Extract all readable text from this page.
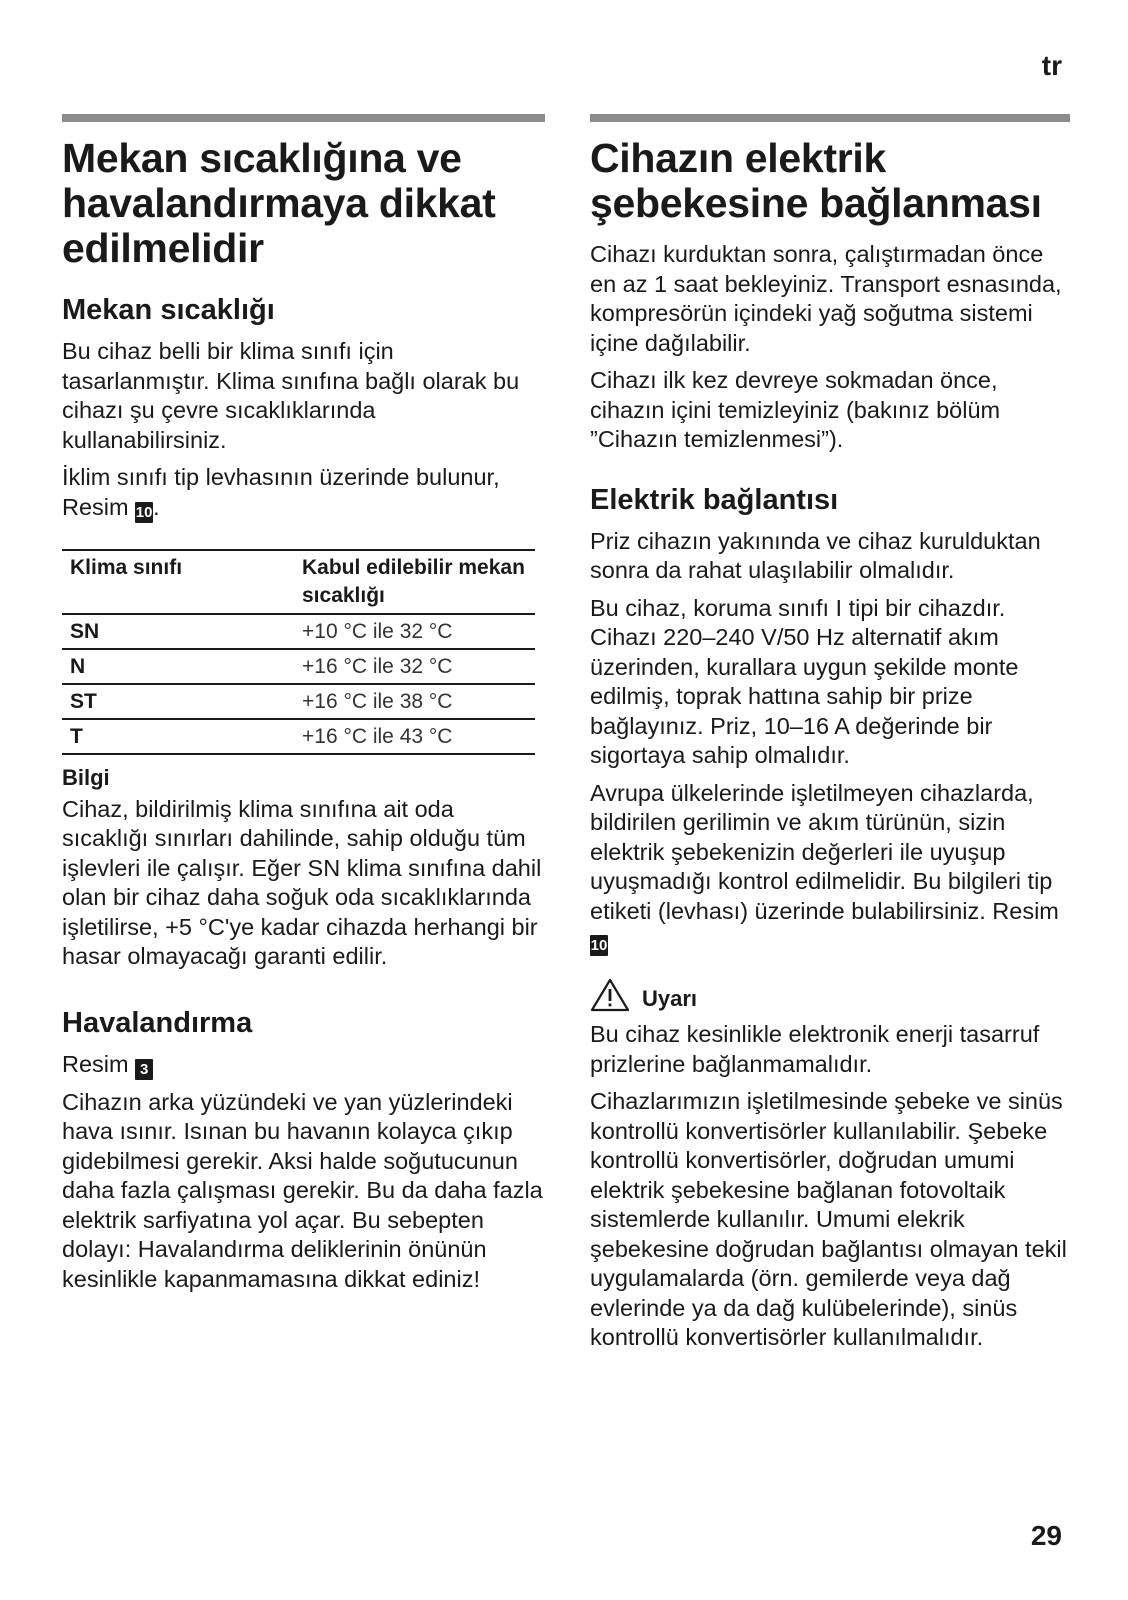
tr
Mekan sıcaklığına ve havalandırmaya dikkat edilmelidir
Mekan sıcaklığı

Bu cihaz belli bir klima sınıfı için tasarlanmıştır. Klima sınıfına bağlı olarak bu cihazı şu çevre sıcaklıklarında kullanabilirsiniz.

İklim sınıfı tip levhasının üzerinde bulunur, Resim 10.

Klima sınıfı	Kabul edilebilir mekan sıcaklığı
SN	+10 °C ile 32 °C
N	+16 °C ile 32 °C
ST	+16 °C ile 38 °C
T	+16 °C ile 43 °C
Bilgi

Cihaz, bildirilmiş klima sınıfına ait oda sıcaklığı sınırları dahilinde, sahip olduğu tüm işlevleri ile çalışır. Eğer SN klima sınıfına dahil olan bir cihaz daha soğuk oda sıcaklıklarında işletilirse, +5 °C'ye kadar cihazda herhangi bir hasar olmayacağı garanti edilir.

Havalandırma

Resim 3

Cihazın arka yüzündeki ve yan yüzlerindeki hava ısınır. Isınan bu havanın kolayca çıkıp gidebilmesi gerekir. Aksi halde soğutucunun daha fazla çalışması gerekir. Bu da daha fazla elektrik sarfiyatına yol açar. Bu sebepten dolayı: Havalandırma deliklerinin önünün kesinlikle kapanmamasına dikkat ediniz!

Cihazın elektrik şebekesine bağlanması

Cihazı kurduktan sonra, çalıştırmadan önce en az 1 saat bekleyiniz. Transport esnasında, kompresörün içindeki yağ soğutma sistemi içine dağılabilir.

Cihazı ilk kez devreye sokmadan önce, cihazın içini temizleyiniz (bakınız bölüm ”Cihazın temizlenmesi”).

Elektrik bağlantısı

Priz cihazın yakınında ve cihaz kurulduktan sonra da rahat ulaşılabilir olmalıdır.

Bu cihaz, koruma sınıfı I tipi bir cihazdır. Cihazı 220–240 V/50 Hz alternatif akım üzerinden, kurallara uygun şekilde monte edilmiş, toprak hattına sahip bir prize bağlayınız. Priz, 10–16 A değerinde bir sigortaya sahip olmalıdır.

Avrupa ülkelerinde işletilmeyen cihazlarda, bildirilen gerilimin ve akım türünün, sizin elektrik şebekenizin değerleri ile uyuşup uyuşmadığı kontrol edilmelidir. Bu bilgileri tip etiketi (levhası) üzerinde bulabilirsiniz. Resim 10

Uyarı

Bu cihaz kesinlikle elektronik enerji tasarruf prizlerine bağlanmamalıdır.

Cihazlarımızın işletilmesinde şebeke ve sinüs kontrollü konvertisörler kullanılabilir. Şebeke kontrollü konvertisörler, doğrudan umumi elektrik şebekesine bağlanan fotovoltaik sistemlerde kullanılır. Umumi elekrik şebekesine doğrudan bağlantısı olmayan tekil uygulamalarda (örn. gemilerde veya dağ evlerinde ya da dağ kulübelerinde), sinüs kontrollü konvertisörler kullanılmalıdır.

29
